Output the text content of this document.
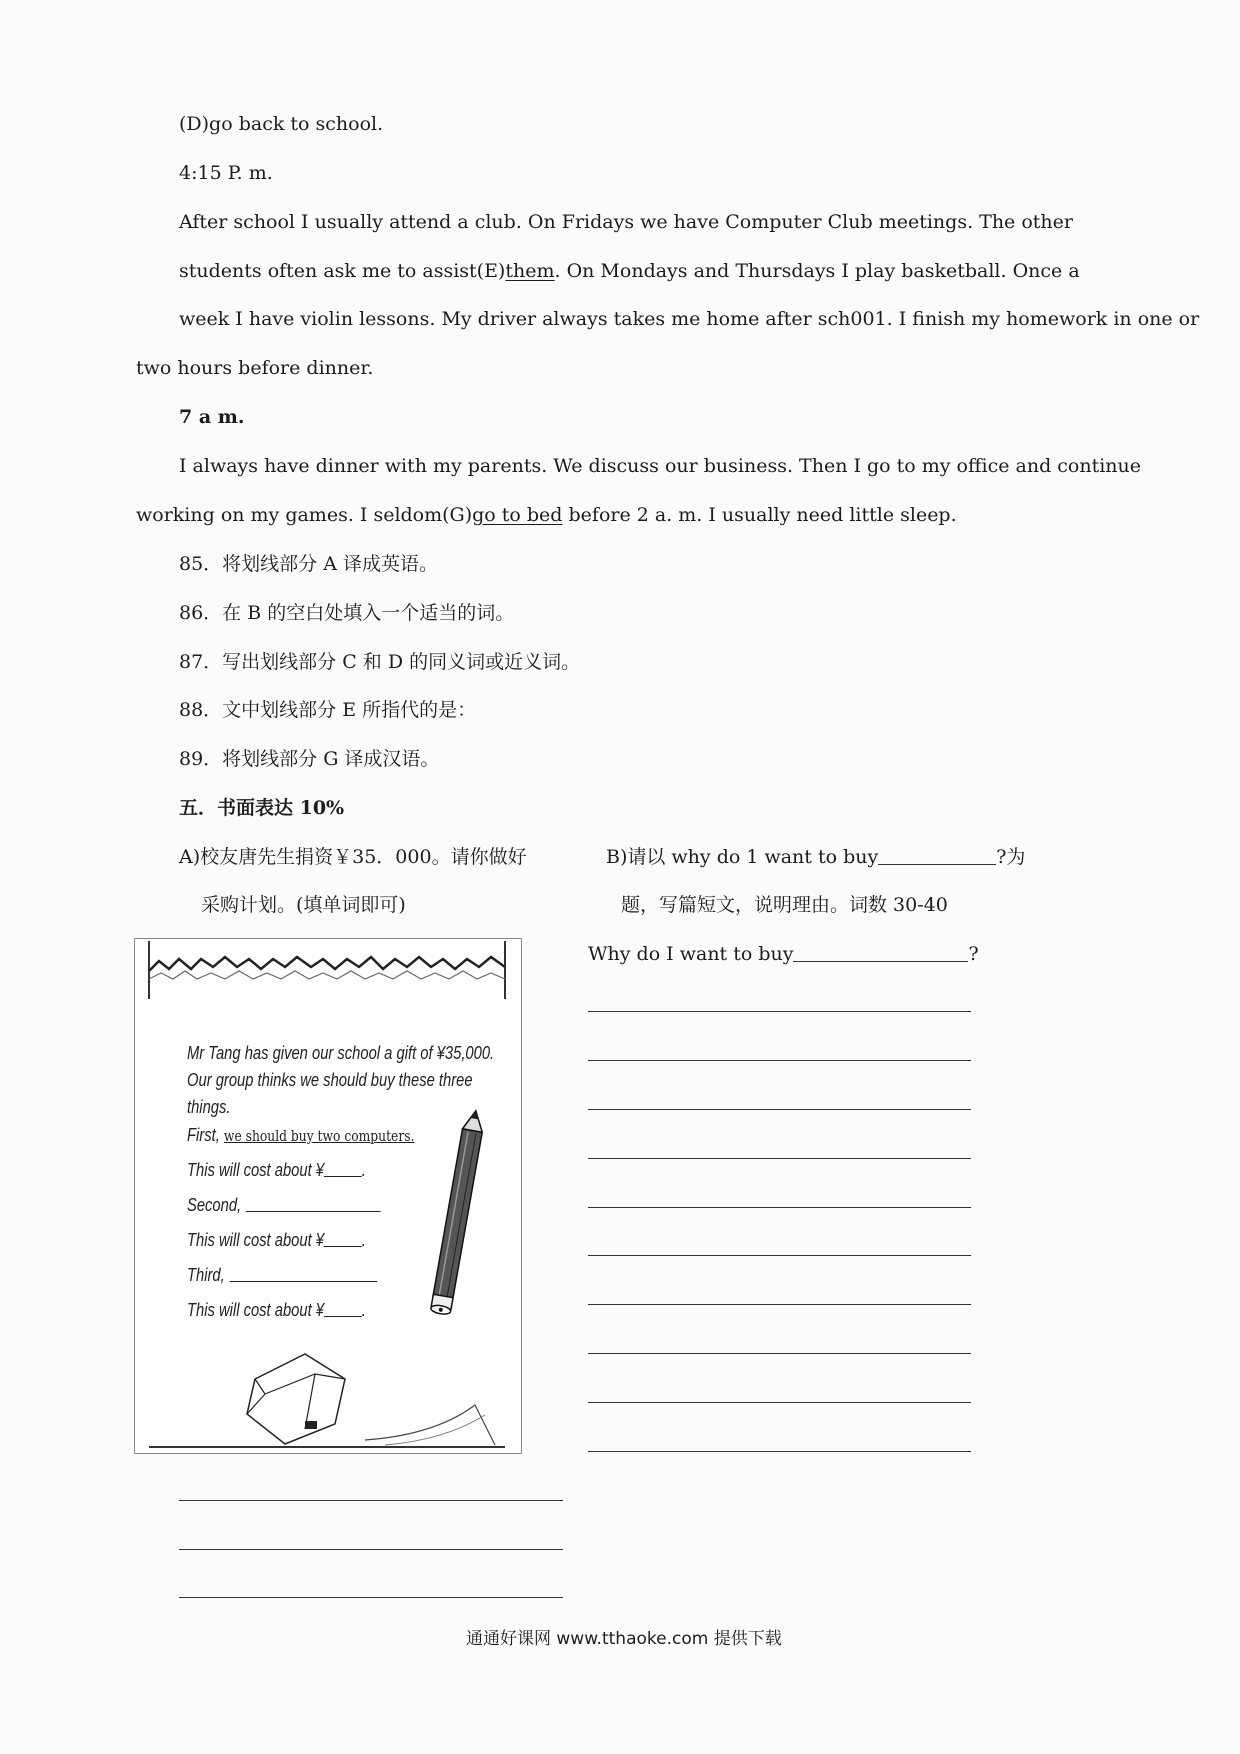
(D)go back to school.
4:15 P. m.
After school I usually attend a club. On Fridays we have Computer Club meetings. The other
students often ask me to assist(E)them. On Mondays and Thursdays I play basketball. Once a
week I have violin lessons. My driver always takes me home after sch001. I finish my homework in one or
two hours before dinner.
7 a m.
I always have dinner with my parents. We discuss our business. Then I go to my office and continue
working on my games. I seldom(G)go to bed before 2 a. m. I usually need little sleep.
85．将划线部分 A 译成英语。
86．在 B 的空白处填入一个适当的词。
87．写出划线部分 C 和 D 的同义词或近义词。
88．文中划线部分 E 所指代的是：
89．将划线部分 G 译成汉语。
五．书面表达 10%
A)校友唐先生捐资￥35．000。请你做好
采购计划。(填单词即可)
B)请以 why do 1 want to buy	?为
题，写篇短文，说明理由。词数 30-40
Why do I want to buy	?
Mr Tang has given our school a gift of ¥35,000.
Our group thinks we should buy these three
things.
First, we should buy two computers.
This will cost about ¥ .
Second,
This will cost about ¥ .
Third,
This will cost about ¥ .
通通好课网 www.tthaoke.com 提供下载
